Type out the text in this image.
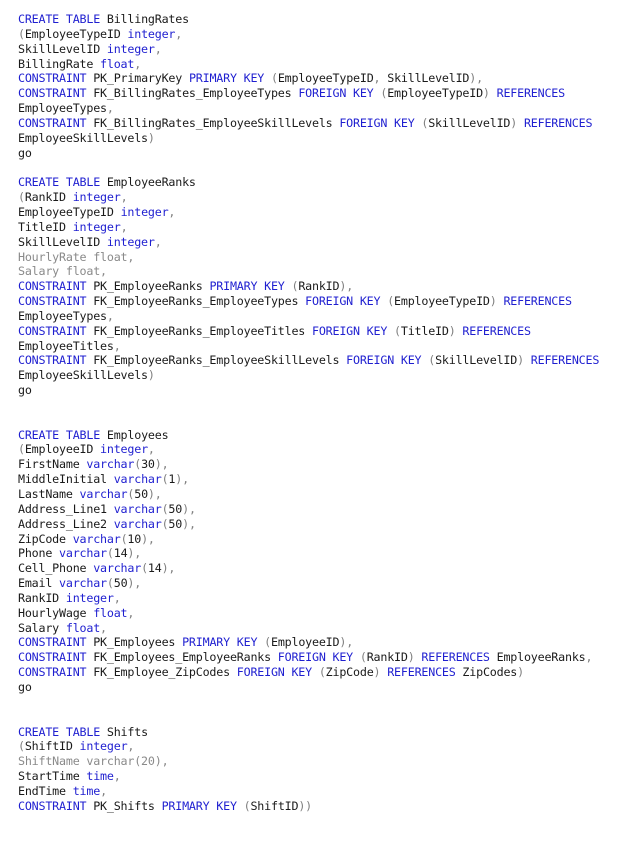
CREATE TABLE BillingRates
(EmployeeTypeID integer,
SkillLevelID integer,
BillingRate float,
CONSTRAINT PK_PrimaryKey PRIMARY KEY (EmployeeTypeID, SkillLevelID),
CONSTRAINT FK_BillingRates_EmployeeTypes FOREIGN KEY (EmployeeTypeID) REFERENCES
EmployeeTypes,
CONSTRAINT FK_BillingRates_EmployeeSkillLevels FOREIGN KEY (SkillLevelID) REFERENCES
EmployeeSkillLevels)
go
CREATE TABLE EmployeeRanks
(RankID integer,
EmployeeTypeID integer,
TitleID integer,
SkillLevelID integer,
HourlyRate float,
Salary float,
CONSTRAINT PK_EmployeeRanks PRIMARY KEY (RankID),
CONSTRAINT FK_EmployeeRanks_EmployeeTypes FOREIGN KEY (EmployeeTypeID) REFERENCES
EmployeeTypes,
CONSTRAINT FK_EmployeeRanks_EmployeeTitles FOREIGN KEY (TitleID) REFERENCES
EmployeeTitles,
CONSTRAINT FK_EmployeeRanks_EmployeeSkillLevels FOREIGN KEY (SkillLevelID) REFERENCES
EmployeeSkillLevels)
go
CREATE TABLE Employees
(EmployeeID integer,
FirstName varchar(30),
MiddleInitial varchar(1),
LastName varchar(50),
Address_Line1 varchar(50),
Address_Line2 varchar(50),
ZipCode varchar(10),
Phone varchar(14),
Cell_Phone varchar(14),
Email varchar(50),
RankID integer,
HourlyWage float,
Salary float,
CONSTRAINT PK_Employees PRIMARY KEY (EmployeeID),
CONSTRAINT FK_Employees_EmployeeRanks FOREIGN KEY (RankID) REFERENCES EmployeeRanks,
CONSTRAINT FK_Employee_ZipCodes FOREIGN KEY (ZipCode) REFERENCES ZipCodes)
go
CREATE TABLE Shifts
(ShiftID integer,
ShiftName varchar(20),
StartTime time,
EndTime time,
CONSTRAINT PK_Shifts PRIMARY KEY (ShiftID))
